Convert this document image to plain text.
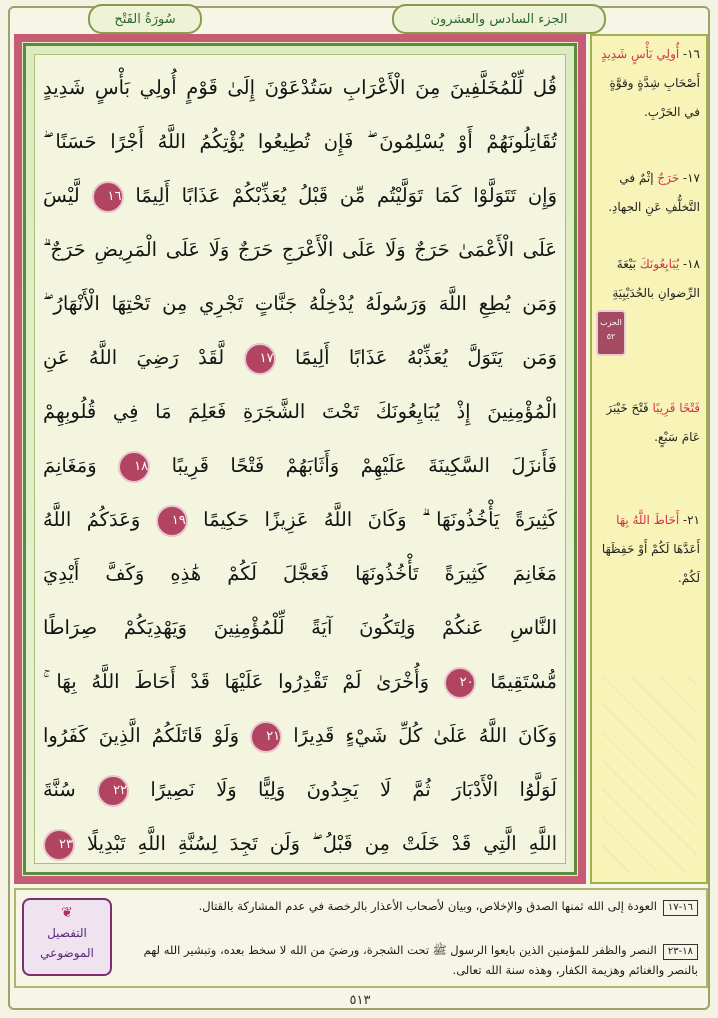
سُورَةُ الفَتْح	الجزء السادس والعشرون
قُل لِّلْمُخَلَّفِينَ مِنَ الْأَعْرَابِ سَتُدْعَوْنَ إِلَىٰ قَوْمٍ أُولِي بَأْسٍ شَدِيدٍ
تُقَاتِلُونَهُمْ أَوْ يُسْلِمُونَ ۖ فَإِن تُطِيعُوا يُؤْتِكُمُ اللَّهُ أَجْرًا حَسَنًا ۖ
وَإِن تَتَوَلَّوْا كَمَا تَوَلَّيْتُم مِّن قَبْلُ يُعَذِّبْكُمْ عَذَابًا أَلِيمًا ١٦ لَّيْسَ
عَلَى الْأَعْمَىٰ حَرَجٌ وَلَا عَلَى الْأَعْرَجِ حَرَجٌ وَلَا عَلَى الْمَرِيضِ حَرَجٌ ۗ
وَمَن يُطِعِ اللَّهَ وَرَسُولَهُ يُدْخِلْهُ جَنَّاتٍ تَجْرِي مِن تَحْتِهَا الْأَنْهَارُ ۖ
وَمَن يَتَوَلَّ يُعَذِّبْهُ عَذَابًا أَلِيمًا ١٧ لَّقَدْ رَضِيَ اللَّهُ عَنِ
الْمُؤْمِنِينَ إِذْ يُبَايِعُونَكَ تَحْتَ الشَّجَرَةِ فَعَلِمَ مَا فِي قُلُوبِهِمْ
فَأَنزَلَ السَّكِينَةَ عَلَيْهِمْ وَأَثَابَهُمْ فَتْحًا قَرِيبًا ١٨ وَمَغَانِمَ
كَثِيرَةً يَأْخُذُونَهَا ۗ وَكَانَ اللَّهُ عَزِيزًا حَكِيمًا ١٩ وَعَدَكُمُ اللَّهُ
مَغَانِمَ كَثِيرَةً تَأْخُذُونَهَا فَعَجَّلَ لَكُمْ هَٰذِهِ وَكَفَّ أَيْدِيَ
النَّاسِ عَنكُمْ وَلِتَكُونَ آيَةً لِّلْمُؤْمِنِينَ وَيَهْدِيَكُمْ صِرَاطًا
مُّسْتَقِيمًا ٢٠ وَأُخْرَىٰ لَمْ تَقْدِرُوا عَلَيْهَا قَدْ أَحَاطَ اللَّهُ بِهَا ۚ
وَكَانَ اللَّهُ عَلَىٰ كُلِّ شَيْءٍ قَدِيرًا ٢١ وَلَوْ قَاتَلَكُمُ الَّذِينَ كَفَرُوا
لَوَلَّوُا الْأَدْبَارَ ثُمَّ لَا يَجِدُونَ وَلِيًّا وَلَا نَصِيرًا ٢٢ سُنَّةَ
اللَّهِ الَّتِي قَدْ خَلَتْ مِن قَبْلُ ۖ وَلَن تَجِدَ لِسُنَّةِ اللَّهِ تَبْدِيلًا ٢٣
١٦- أُولِي بَأْسٍ شَدِيدٍ أَصْحَابِ شِدَّةٍ وقوَّةٍ في الحَرْبِ.
١٧- حَرَجٌ إثْمٌ في التَّخلُّفِ عَنِ الجهادِ.
١٨- يُبَايِعُونَكَ بَيْعَةَ الرِّضوانِ بالحُدَيْبِيَةِ
الحزب ٥٢
فَتْحًا قَرِيبًا فَتْحَ خَيْبَرَ عَامَ سَبْعٍ.
٢١- أَحَاطَ اللَّهُ بِهَا أَعَدَّهَا لَكُمْ أَوْ حَفِظَهَا لَكُمْ.
❦
التفصيل
الموضوعي
١٦-١٧العودة إلى الله ثمنها الصدق والإخلاص، وبيان لأصحاب الأعذار بالرخصة في عدم المشاركة بالقتال.
١٨-٢٣النصر والظفر للمؤمنين الذين بايعوا الرسول ﷺ تحت الشجرة، ورضيَ من الله لا سخط بعده، وتبشير الله لهم بالنصر والغنائم وهزيمة الكفار، وهذه سنة الله تعالى.
٥١٣
